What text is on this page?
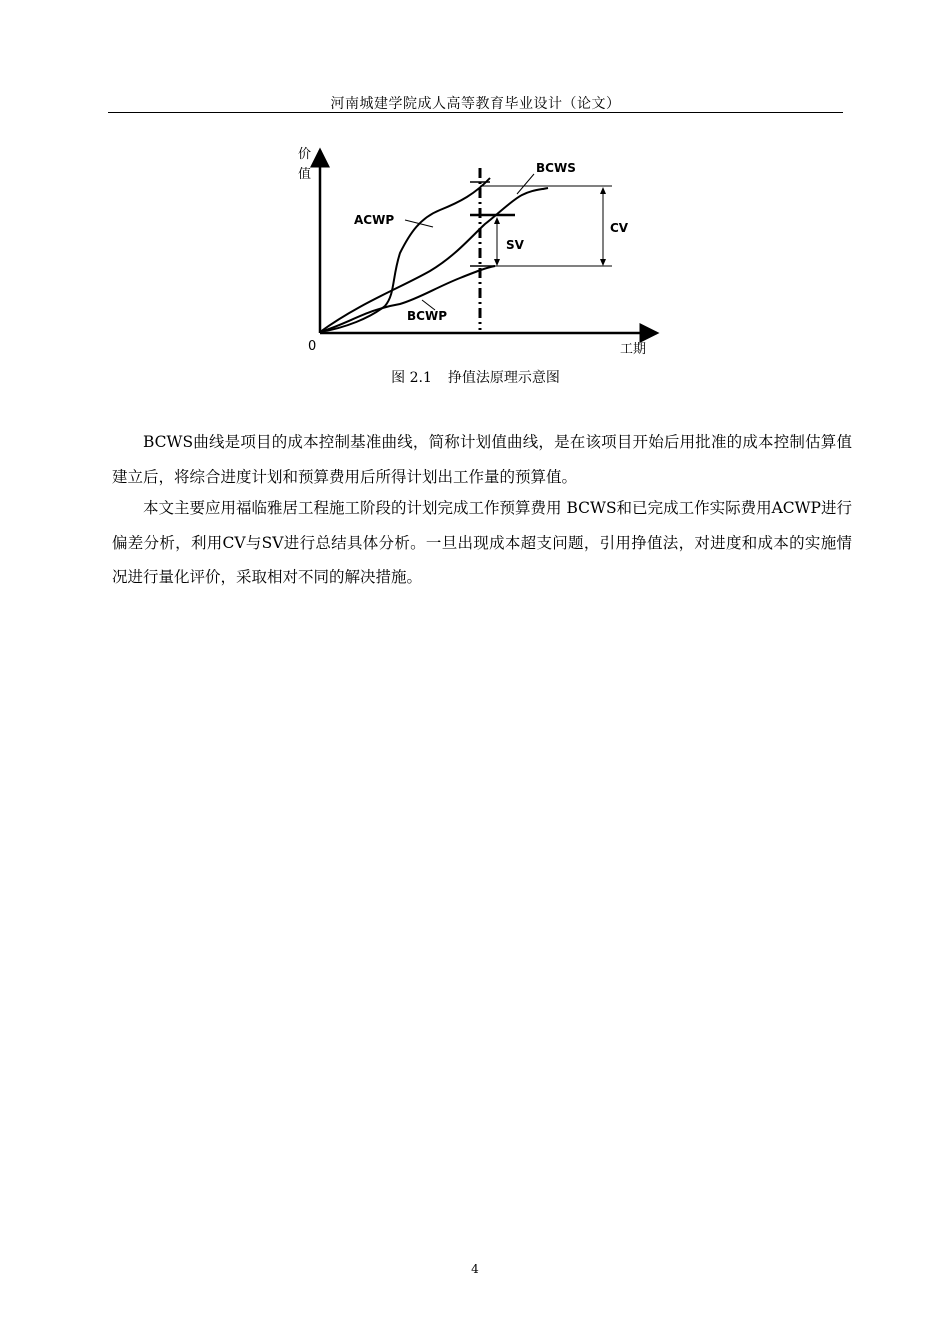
河南城建学院成人高等教育毕业设计（论文）
价
值
工期
0
BCWS
ACWP
BCWP
SV
CV
图 2.1 挣值法原理示意图

BCWS曲线是项目的成本控制基准曲线，简称计划值曲线，是在该项目开始后用批准的成本控制估算值建立后，将综合进度计划和预算费用后所得计划出工作量的预算值。

本文主要应用福临雅居工程施工阶段的计划完成工作预算费用 BCWS和已完成工作实际费用ACWP进行偏差分析，利用CV与SV进行总结具体分析。一旦出现成本超支问题，引用挣值法，对进度和成本的实施情况进行量化评价，采取相对不同的解决措施。

4
